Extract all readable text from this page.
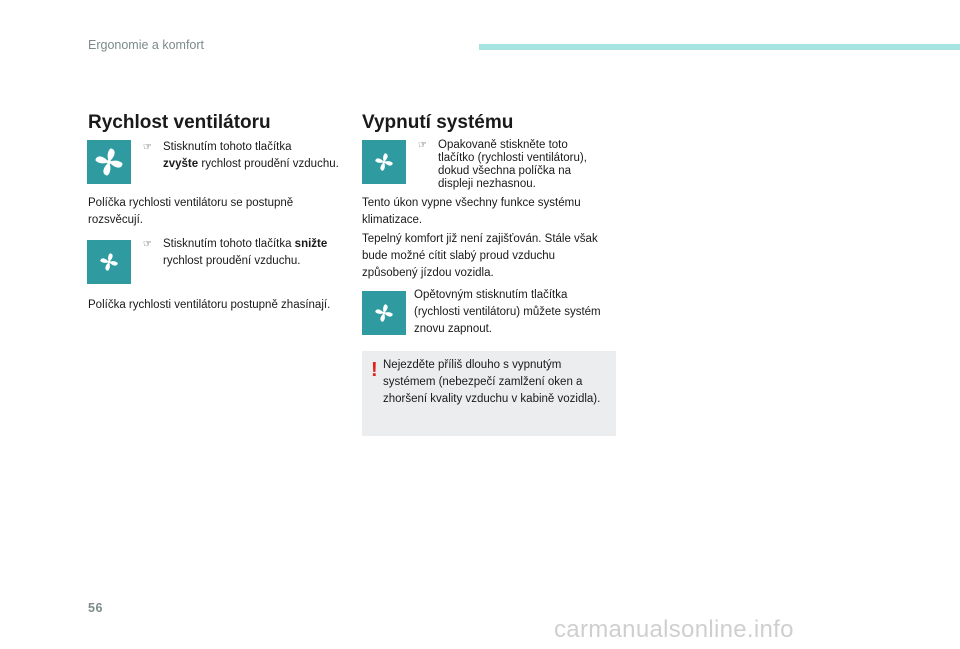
Ergonomie a komfort
Rychlost ventilátoru
☞ Stisknutím tohoto tlačítka
zvyšte rychlost proudění vzduchu.
Políčka rychlosti ventilátoru se postupně rozsvěcují.
☞ Stisknutím tohoto tlačítka snižte
rychlost proudění vzduchu.
Políčka rychlosti ventilátoru postupně zhasínají.
Vypnutí systému
☞ Opakovaně stiskněte toto tlačítko (rychlosti ventilátoru), dokud všechna políčka na displeji nezhasnou.
Tento úkon vypne všechny funkce systému klimatizace.
Tepelný komfort již není zajišťován. Stále však bude možné cítit slabý proud vzduchu způsobený jízdou vozidla.
Opětovným stisknutím tlačítka (rychlosti ventilátoru) můžete systém znovu zapnout.
! Nejezděte příliš dlouho s vypnutým systémem (nebezpečí zamlžení oken a zhoršení kvality vzduchu v kabině vozidla).
56
carmanualsonline.info
